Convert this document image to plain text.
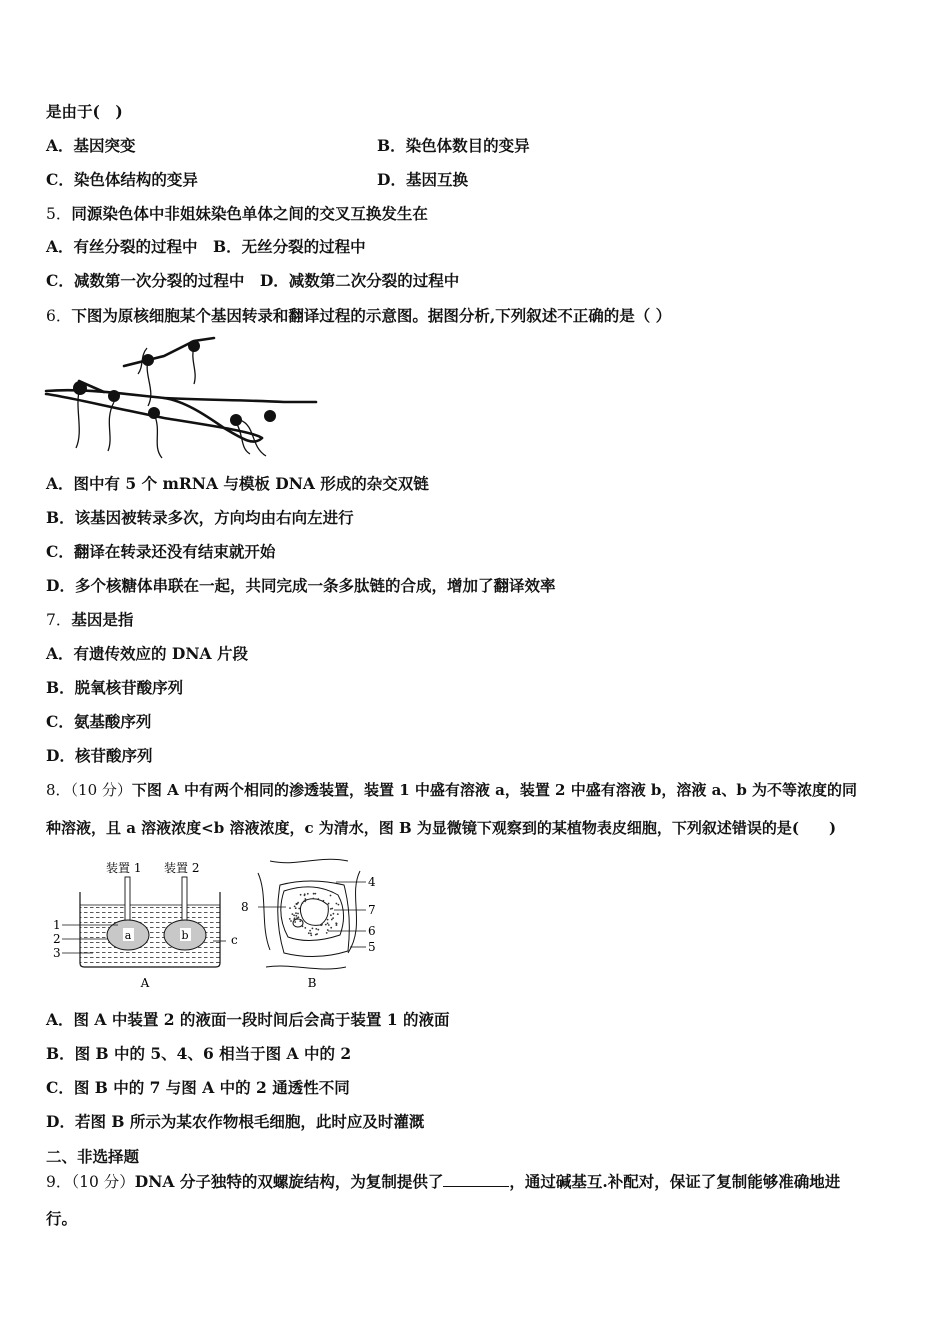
是由于(　)
A．基因突变	B．染色体数目的变异
C．染色体结构的变异	D．基因互换
5．同源染色体中非姐妹染色单体之间的交叉互换发生在
A．有丝分裂的过程中　B．无丝分裂的过程中
C．减数第一次分裂的过程中　D．减数第二次分裂的过程中
6．下图为原核细胞某个基因转录和翻译过程的示意图。据图分析,下列叙述不正确的是（ ）
A．图中有 5 个 mRNA 与模板 DNA 形成的杂交双链
B．该基因被转录多次，方向均由右向左进行
C．翻译在转录还没有结束就开始
D．多个核糖体串联在一起，共同完成一条多肽链的合成，增加了翻译效率
7．基因是指
A．有遗传效应的 DNA 片段
B．脱氧核苷酸序列
C．氨基酸序列
D．核苷酸序列
8．（10 分）下图 A 中有两个相同的渗透装置，装置 1 中盛有溶液 a，装置 2 中盛有溶液 b，溶液 a、b 为不等浓度的同
种溶液，且 a 溶液浓度<b 溶液浓度，c 为清水，图 B 为显微镜下观察到的某植物表皮细胞，下列叙述错误的是(　　)
a	b
装置 1 装置 2
1
2
3
c
A
8
4
7
6
5
B
A．图 A 中装置 2 的液面一段时间后会高于装置 1 的液面
B．图 B 中的 5、4、6 相当于图 A 中的 2
C．图 B 中的 7 与图 A 中的 2 通透性不同
D．若图 B 所示为某农作物根毛细胞，此时应及时灌溉
二、非选择题
9．（10 分）DNA 分子独特的双螺旋结构，为复制提供了	，通过碱基互.补配对，保证了复制能够准确地进
行。
